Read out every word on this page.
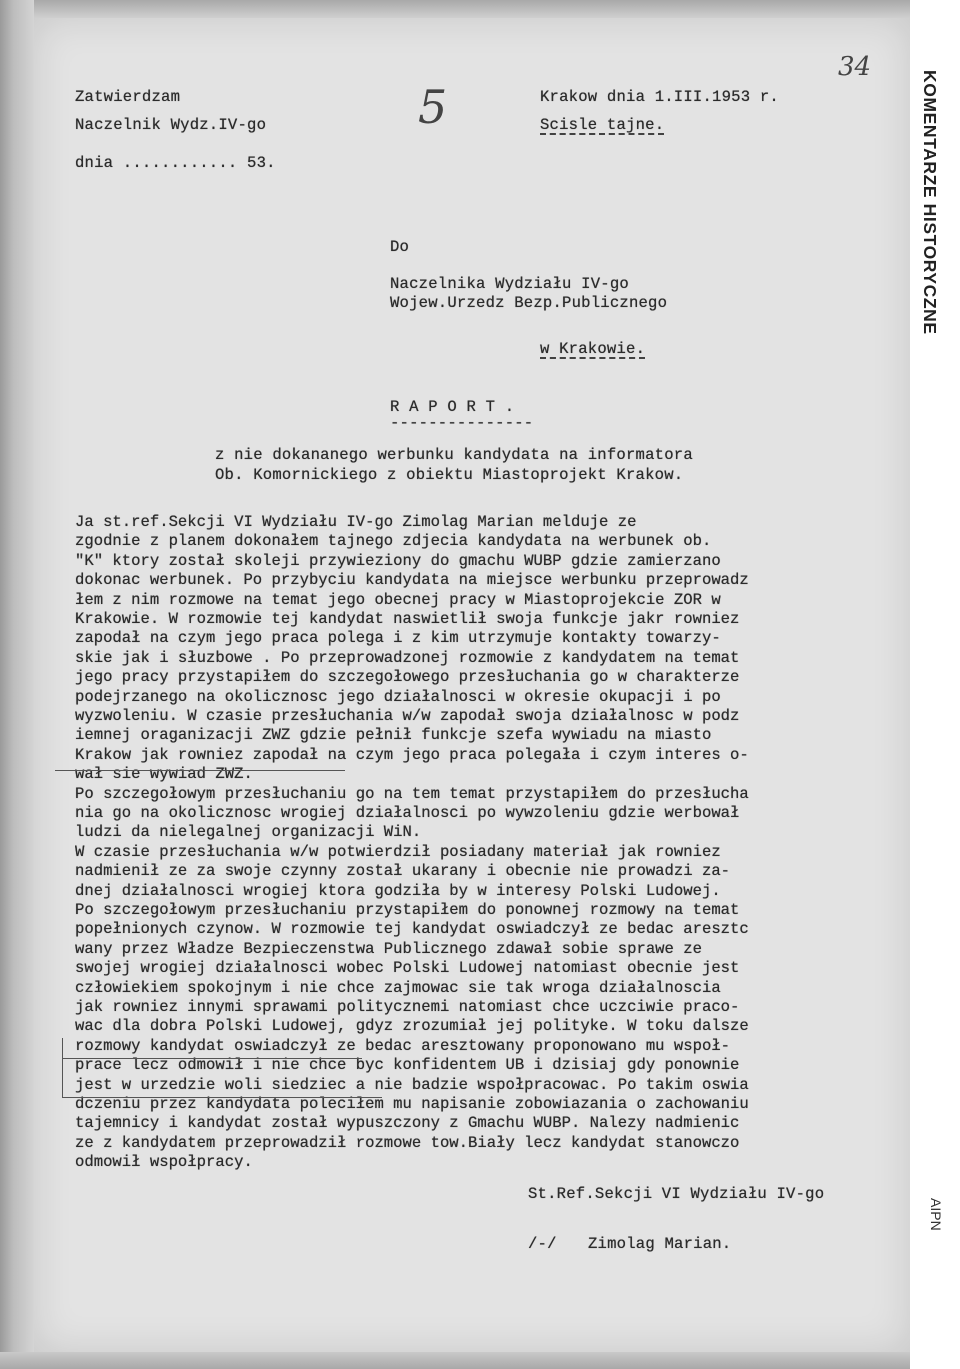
34
5
Zatwierdzam
Naczelnik Wydz.IV-go
dnia ............ 53.
Krakow dnia 1.III.1953 r.
Scisle tajne.
Do
Naczelnika Wydziału IV-go
Wojew.Urzedz Bezp.Publicznego
w Krakowie.
R A P O R T .
---------------
z nie dokananego werbunku kandydata na informatora
Ob. Komornickiego z obiektu Miastoprojekt Krakow.
Ja st.ref.Sekcji VI Wydziału IV-go Zimolag Marian melduje ze
zgodnie z planem dokonałem tajnego zdjecia kandydata na werbunek ob.
"K" ktory został skoleji przywieziony do gmachu WUBP gdzie zamierzano
dokonac werbunek. Po przybyciu kandydata na miejsce werbunku przeprowadz
łem z nim rozmowe na temat jego obecnej pracy w Miastoprojekcie ZOR w
Krakowie. W rozmowie tej kandydat naswietlił swoja funkcje jakr rowniez
zapodał na czym jego praca polega i z kim utrzymuje kontakty towarzy-
skie jak i słuzbowe . Po przeprowadzonej rozmowie z kandydatem na temat
jego pracy przystapiłem do szczegołowego przesłuchania go w charakterze
podejrzanego na okolicznosc jego działalnosci w okresie okupacji i po
wyzwoleniu. W czasie przesłuchania w/w zapodał swoja działalnosc w podz
iemnej oraganizacji ZWZ gdzie pełnił funkcje szefa wywiadu na miasto
Krakow jak rowniez zapodał na czym jego praca polegała i czym interes o-
wał sie wywiad ZWZ.
Po szczegołowym przesłuchaniu go na tem temat przystapiłem do przesłucha
nia go na okolicznosc wrogiej działalnosci po wywzoleniu gdzie werbował
ludzi da nielegalnej organizacji WiN.
W czasie przesłuchania w/w potwierdził posiadany materiał jak rowniez
nadmienił ze za swoje czynny został ukarany i obecnie nie prowadzi za-
dnej działalnosci wrogiej ktora godziła by w interesy Polski Ludowej.
Po szczegołowym przesłuchaniu przystapiłem do ponownej rozmowy na temat
popełnionych czynow. W rozmowie tej kandydat oswiadczył ze bedac aresztc
wany przez Władze Bezpieczenstwa Publicznego zdawał sobie sprawe ze
swojej wrogiej działalnosci wobec Polski Ludowej natomiast obecnie jest
człowiekiem spokojnym i nie chce zajmowac sie tak wroga działalnoscia
jak rowniez innymi sprawami politycznemi natomiast chce uczciwie praco-
wac dla dobra Polski Ludowej, gdyz zrozumiał jej polityke. W toku dalsze
rozmowy kandydat oswiadczył ze bedac aresztowany proponowano mu wspoł-
prace lecz odmowił i nie chce byc konfidentem UB i dzisiaj gdy ponownie
jest w urzedzie woli siedziec a nie badzie wspołpracowac. Po takim oswia
dczeniu przez kandydata poleciłem mu napisanie zobowiazania o zachowaniu
tajemnicy i kandydat został wypuszczony z Gmachu WUBP. Nalezy nadmienic
ze z kandydatem przeprowadził rozmowe tow.Biały lecz kandydat stanowczo
odmowił wspołpracy.
St.Ref.Sekcji VI Wydziału IV-go
/-/ Zimolag Marian.
KOMENTARZE HISTORYCZNE
AIPN
